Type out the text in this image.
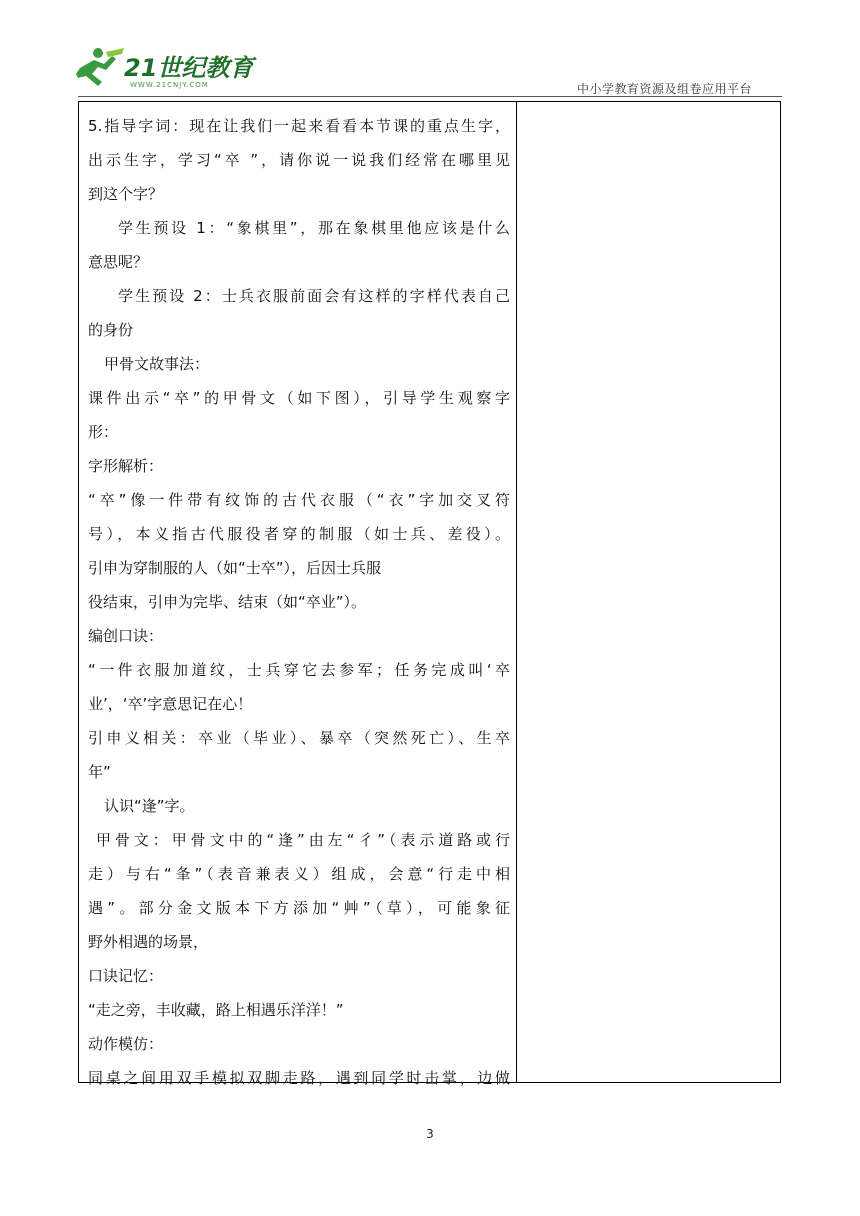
21世纪教育
WWW.21CNJY.COM	中小学教育资源及组卷应用平台
5.指导字词：现在让我们一起来看看本节课的重点生字，
出示生字，学习“卒 ”，请你说一说我们经常在哪里见
到这个字？
学生预设 1：“象棋里”，那在象棋里他应该是什么
意思呢？
学生预设 2：士兵衣服前面会有这样的字样代表自己
的身份
甲骨文故事法：
课件出示“卒”的甲骨文（如下图），引导学生观察字
形：
字形解析：
“卒”像一件带有纹饰的古代衣服（“衣”字加交叉符
号），本义指古代服役者穿的制服（如士兵、差役）。
引申为穿制服的人（如“士卒”），后因士兵服
役结束，引申为完毕、结束（如“卒业”）。
编创口诀：
“一件衣服加道纹，士兵穿它去参军；任务完成叫‘卒
业’，‘卒’字意思记在心！
引申义相关：卒业（毕业）、暴卒（突然死亡）、生卒
年”
认识“逢”字。
甲骨文：甲骨文中的“逢”由左“彳”（表示道路或行
走）与右“夆”（表音兼表义）组成，会意“行走中相
遇”。部分金文版本下方添加“艸”（草），可能象征
野外相遇的场景，
口诀记忆：
“走之旁，丰收藏，路上相遇乐洋洋！”
动作模仿：
同桌之间用双手模拟双脚走路，遇到同学时击掌，边做
3
